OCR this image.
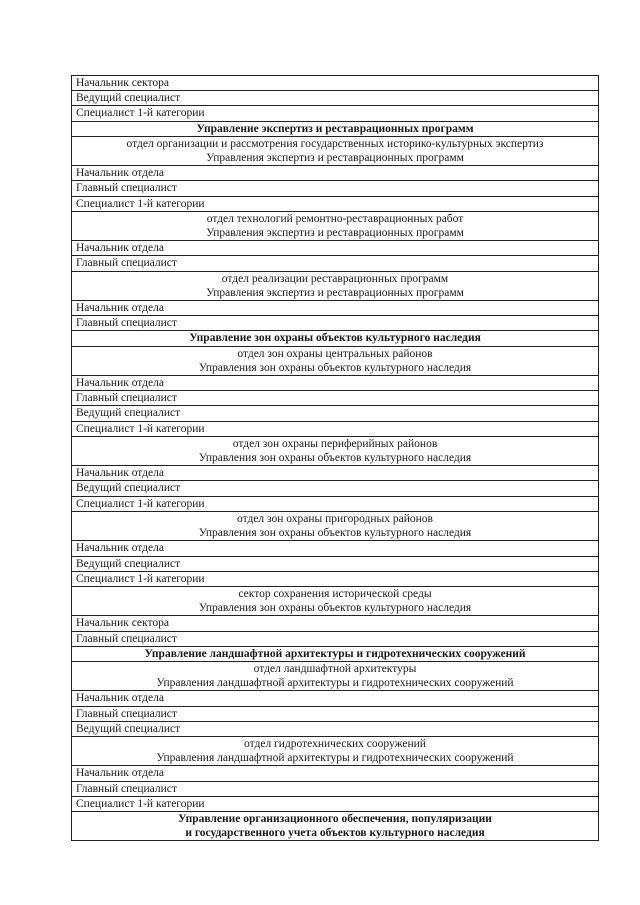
Начальник сектора

Ведущий специалист

Специалист 1-й категории

Управление экспертиз и реставрационных программ

отдел организации и рассмотрения государственных историко-культурных экспертиз
Управления экспертиз и реставрационных программ

Начальник отдела

Главный специалист

Специалист 1-й категории

отдел технологий ремонтно-реставрационных работ
Управления экспертиз и реставрационных программ

Начальник отдела

Главный специалист

отдел реализации реставрационных программ
Управления экспертиз и реставрационных программ

Начальник отдела

Главный специалист

Управление зон охраны объектов культурного наследия

отдел зон охраны центральных районов
Управления зон охраны объектов культурного наследия

Начальник отдела

Главный специалист

Ведущий специалист

Специалист 1-й категории

отдел зон охраны периферийных районов
Управления зон охраны объектов культурного наследия

Начальник отдела

Ведущий специалист

Специалист 1-й категории

отдел зон охраны пригородных районов
Управления зон охраны объектов культурного наследия

Начальник отдела

Ведущий специалист

Специалист 1-й категории

сектор сохранения исторической среды
Управления зон охраны объектов культурного наследия

Начальник сектора

Главный специалист

Управление ландшафтной архитектуры и гидротехнических сооружений

отдел ландшафтной архитектуры
Управления ландшафтной архитектуры и гидротехнических сооружений

Начальник отдела

Главный специалист

Ведущий специалист

отдел гидротехнических сооружений
Управления ландшафтной архитектуры и гидротехнических сооружений

Начальник отдела

Главный специалист

Специалист 1-й категории

Управление организационного обеспечения, популяризации
и государственного учета объектов культурного наследия
